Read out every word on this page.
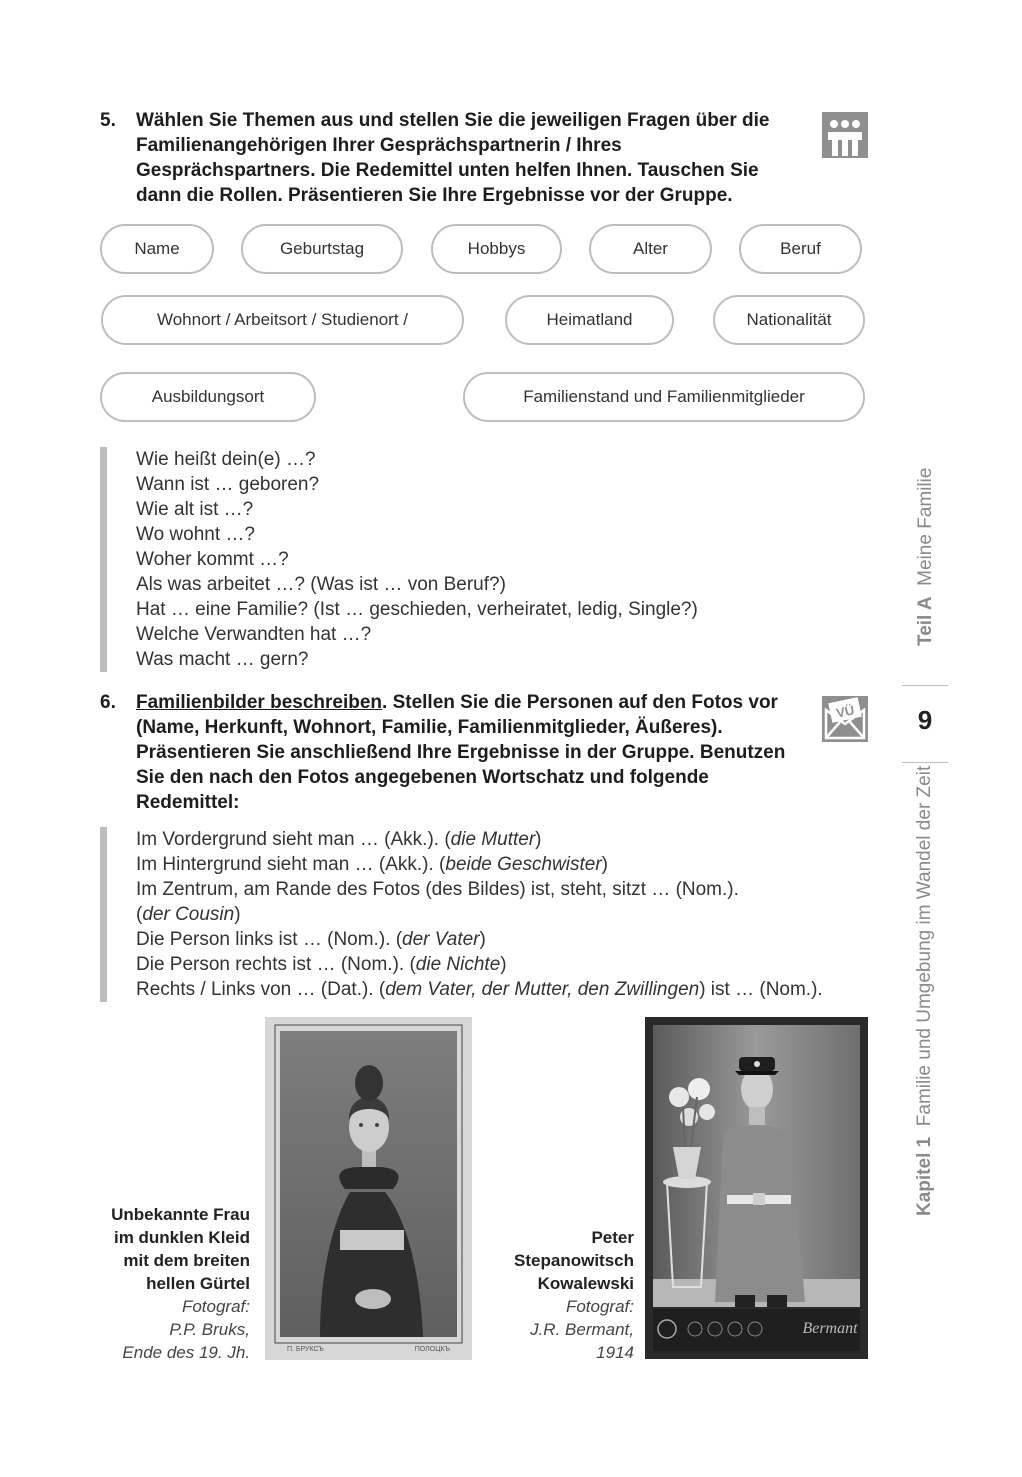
5. Wählen Sie Themen aus und stellen Sie die jeweiligen Fragen über die Familienangehörigen Ihrer Gesprächspartnerin / Ihres Gesprächspartners. Die Redemittel unten helfen Ihnen. Tauschen Sie dann die Rollen. Präsentieren Sie Ihre Ergebnisse vor der Gruppe.
Name	Geburtstag	Hobbys	Alter	Beruf
Wohnort / Arbeitsort / Studienort /	Heimatland	Nationalität
Ausbildungsort	Familienstand und Familienmitglieder
Wie heißt dein(e) …?
Wann ist … geboren?
Wie alt ist …?
Wo wohnt …?
Woher kommt …?
Als was arbeitet …? (Was ist … von Beruf?)
Hat … eine Familie? (Ist … geschieden, verheiratet, ledig, Single?)
Welche Verwandten hat …?
Was macht … gern?
6. Familienbilder beschreiben. Stellen Sie die Personen auf den Fotos vor (Name, Herkunft, Wohnort, Familie, Familienmitglieder, Äußeres). Präsentieren Sie anschließend Ihre Ergebnisse in der Gruppe. Benutzen Sie den nach den Fotos angegebenen Wortschatz und folgende Redemittel:
VÜ
Im Vordergrund sieht man … (Akk.). (die Mutter)
Im Hintergrund sieht man … (Akk.). (beide Geschwister)
Im Zentrum, am Rande des Fotos (des Bildes) ist, steht, sitzt … (Nom.).
(der Cousin)
Die Person links ist … (Nom.). (der Vater)
Die Person rechts ist … (Nom.). (die Nichte)
Rechts / Links von … (Dat.). (dem Vater, der Mutter, den Zwillingen) ist … (Nom.).
Unbekannte Frau
im dunklen Kleid
mit dem breiten
hellen Gürtel
Fotograf:
P.P. Bruks,
Ende des 19. Jh.	П. БРУКСЪ	ПОЛОЦКЪ
Peter
Stepanowitsch
Kowalewski
Fotograf:
J.R. Bermant,
1914
Bermant
Teil A  Meine Familie
9
Kapitel 1  Familie und Umgebung im Wandel der Zeit
